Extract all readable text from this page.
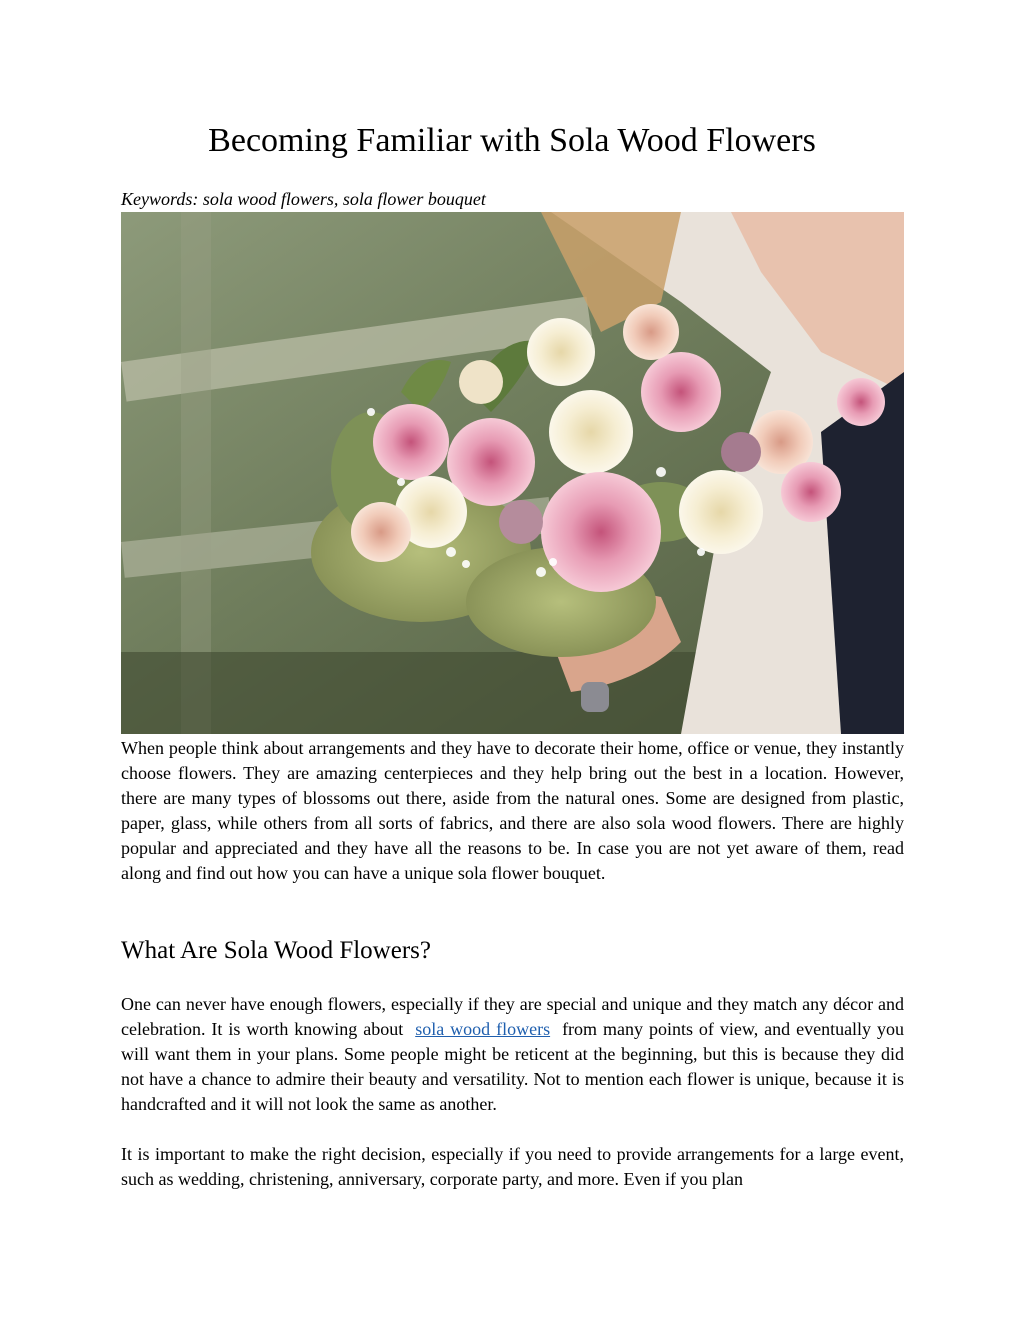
Becoming Familiar with Sola Wood Flowers

Keywords: sola wood flowers, sola flower bouquet

When people think about arrangements and they have to decorate their home, office or venue, they instantly choose flowers. They are amazing centerpieces and they help bring out the best in a location. However, there are many types of blossoms out there, aside from the natural ones. Some are designed from plastic, paper, glass, while others from all sorts of fabrics, and there are also sola wood flowers. There are highly popular and appreciated and they have all the reasons to be. In case you are not yet aware of them, read along and find out how you can have a unique sola flower bouquet.

What Are Sola Wood Flowers?

One can never have enough flowers, especially if they are special and unique and they match any décor and celebration. It is worth knowing about sola wood flowers from many points of view, and eventually you will want them in your plans. Some people might be reticent at the beginning, but this is because they did not have a chance to admire their beauty and versatility. Not to mention each flower is unique, because it is handcrafted and it will not look the same as another.

It is important to make the right decision, especially if you need to provide arrangements for a large event, such as wedding, christening, anniversary, corporate party, and more. Even if you plan
